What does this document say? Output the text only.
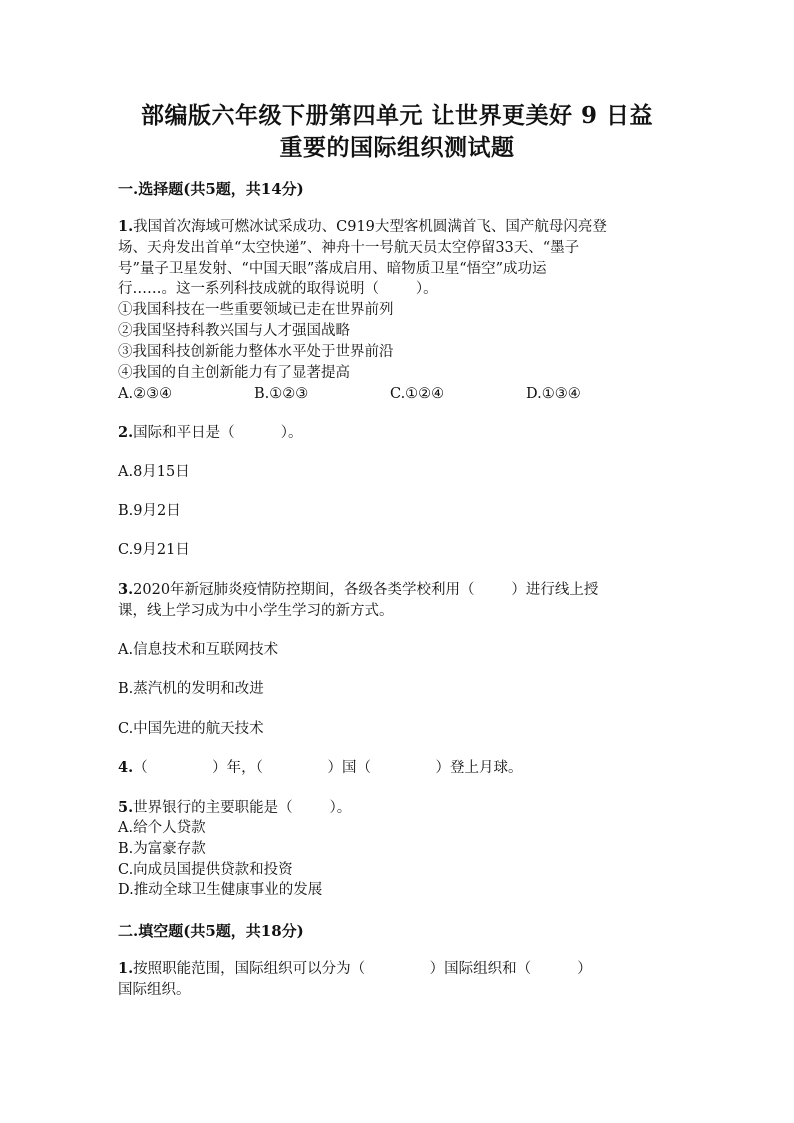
部编版六年级下册第四单元 让世界更美好 9 日益
重要的国际组织测试题
一.选择题(共5题，共14分)
1.我国首次海域可燃冰试采成功、C919大型客机圆满首飞、国产航母闪亮登
场、天舟发出首单“太空快递”、神舟十一号航天员太空停留33天、“墨子
号”量子卫星发射、“中国天眼”落成启用、暗物质卫星“悟空”成功运
行……。这一系列科技成就的取得说明（        ）。
①我国科技在一些重要领域已走在世界前列
②我国坚持科教兴国与人才强国战略
③我国科技创新能力整体水平处于世界前沿
④我国的自主创新能力有了显著提高
A.②③④	B.①②③	C.①②④	D.①③④
2.国际和平日是（          ）。
A.8月15日
B.9月2日
C.9月21日
3.2020年新冠肺炎疫情防控期间，各级各类学校利用（        ）进行线上授
课，线上学习成为中小学生学习的新方式。
A.信息技术和互联网技术
B.蒸汽机的发明和改进
C.中国先进的航天技术
4.（              ）年，（              ）国（              ）登上月球。
5.世界银行的主要职能是（        ）。
A.给个人贷款
B.为富豪存款
C.向成员国提供贷款和投资
D.推动全球卫生健康事业的发展
二.填空题(共5题，共18分)
1.按照职能范围，国际组织可以分为（              ）国际组织和（          ）
国际组织。
